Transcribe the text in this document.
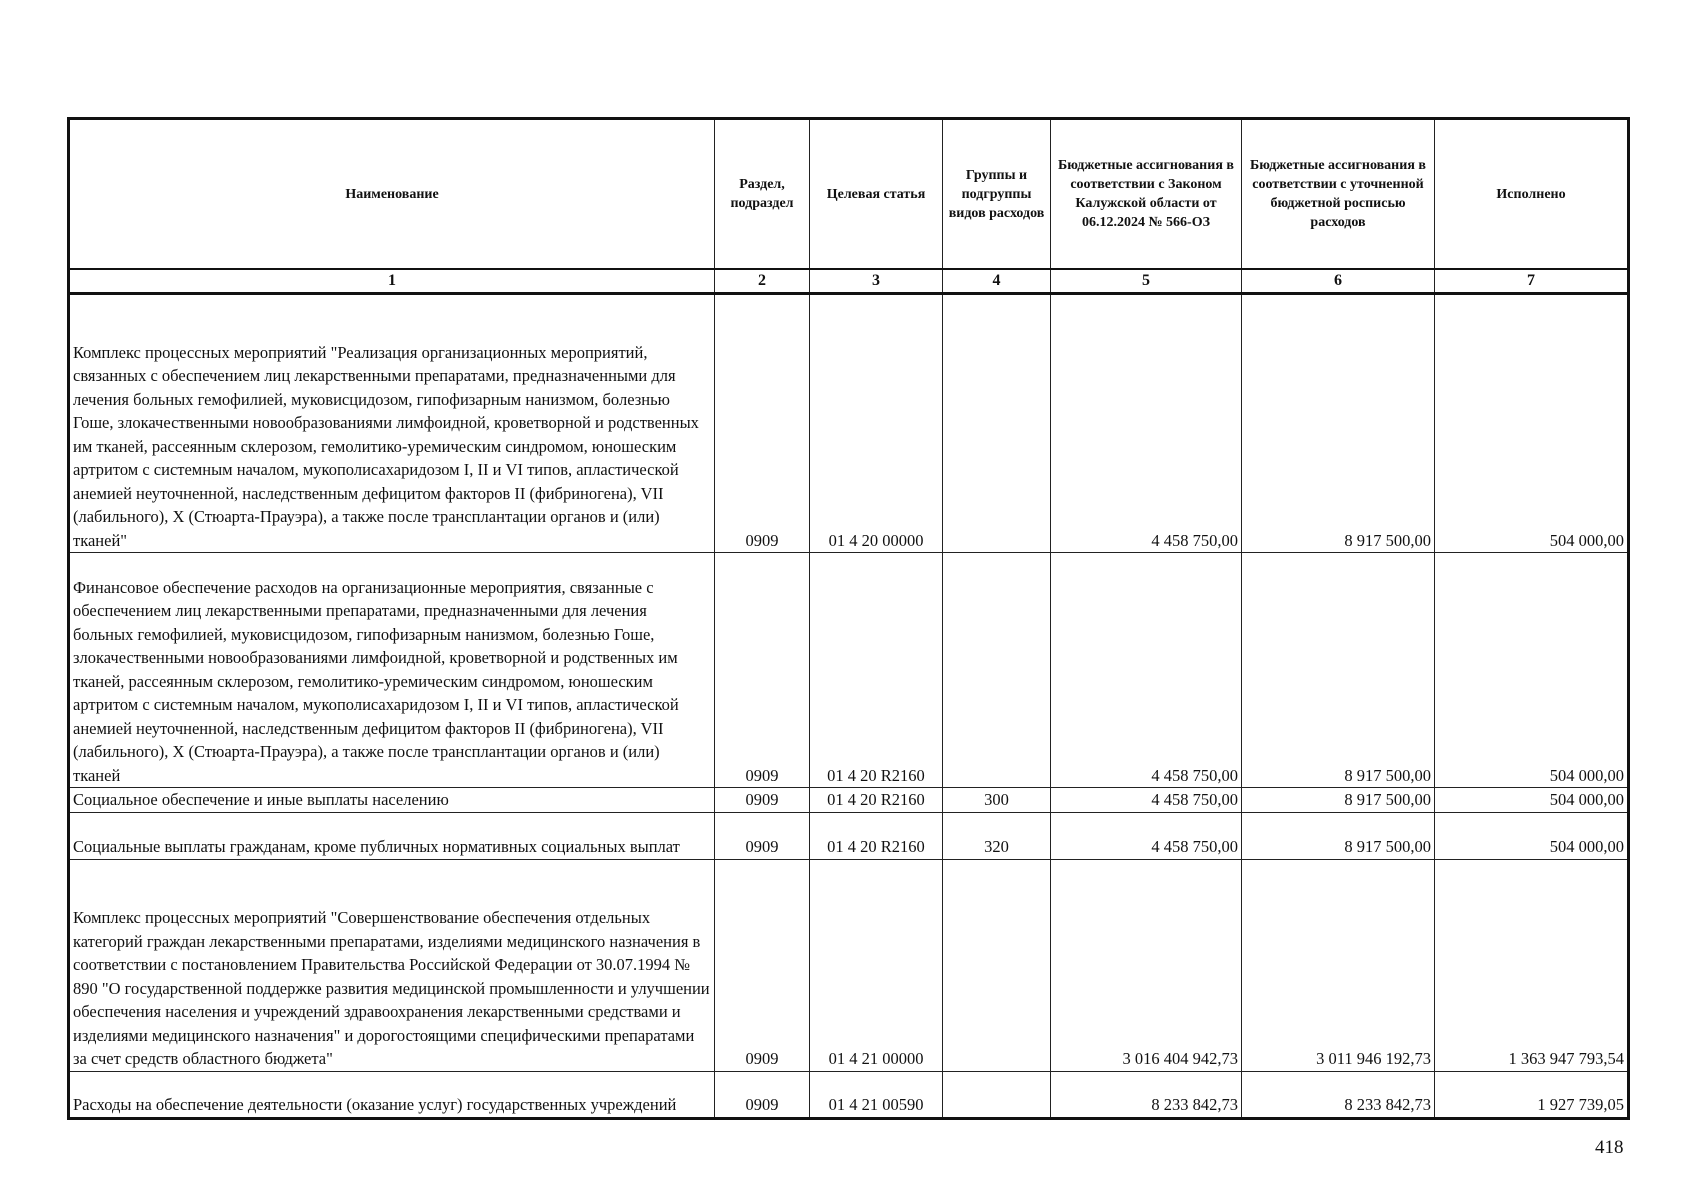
Наименование	Раздел, подраздел	Целевая статья	Группы и подгруппы видов расходов	Бюджетные ассигнования в соответствии с Законом Калужской области от 06.12.2024 № 566-ОЗ	Бюджетные ассигнования в соответствии с уточненной бюджетной росписью расходов	Исполнено
1	2	3	4	5	6	7
Комплекс процессных мероприятий "Реализация организационных мероприятий, связанных с обеспечением лиц лекарственными препаратами, предназначенными для лечения больных гемофилией, муковисцидозом, гипофизарным нанизмом, болезнью Гоше, злокачественными новообразованиями лимфоидной, кроветворной и родственных им тканей, рассеянным склерозом, гемолитико-уремическим синдромом, юношеским артритом с системным началом, мукополисахаридозом I, II и VI типов, апластической анемией неуточненной, наследственным дефицитом факторов II (фибриногена), VII (лабильного), X (Стюарта-Прауэра), а также после трансплантации органов и (или) тканей"	0909	01 4 20 00000		4 458 750,00	8 917 500,00	504 000,00
Финансовое обеспечение расходов на организационные мероприятия, связанные с обеспечением лиц лекарственными препаратами, предназначенными для лечения больных гемофилией, муковисцидозом, гипофизарным нанизмом, болезнью Гоше, злокачественными новообразованиями лимфоидной, кроветворной и родственных им тканей, рассеянным склерозом, гемолитико-уремическим синдромом, юношеским артритом с системным началом, мукополисахаридозом I, II и VI типов, апластической анемией неуточненной, наследственным дефицитом факторов II (фибриногена), VII (лабильного), X (Стюарта-Прауэра), а также после трансплантации органов и (или) тканей	0909	01 4 20 R2160		4 458 750,00	8 917 500,00	504 000,00
Социальное обеспечение и иные выплаты населению	0909	01 4 20 R2160	300	4 458 750,00	8 917 500,00	504 000,00
Социальные выплаты гражданам, кроме публичных нормативных социальных выплат	0909	01 4 20 R2160	320	4 458 750,00	8 917 500,00	504 000,00
Комплекс процессных мероприятий "Совершенствование обеспечения отдельных категорий граждан лекарственными препаратами, изделиями медицинского назначения в соответствии с постановлением Правительства Российской Федерации от 30.07.1994 № 890 "О государственной поддержке развития медицинской промышленности и улучшении обеспечения населения и учреждений здравоохранения лекарственными средствами и изделиями медицинского назначения" и дорогостоящими специфическими препаратами за счет средств областного бюджета"	0909	01 4 21 00000		3 016 404 942,73	3 011 946 192,73	1 363 947 793,54
Расходы на обеспечение деятельности (оказание услуг) государственных учреждений	0909	01 4 21 00590		8 233 842,73	8 233 842,73	1 927 739,05
418
